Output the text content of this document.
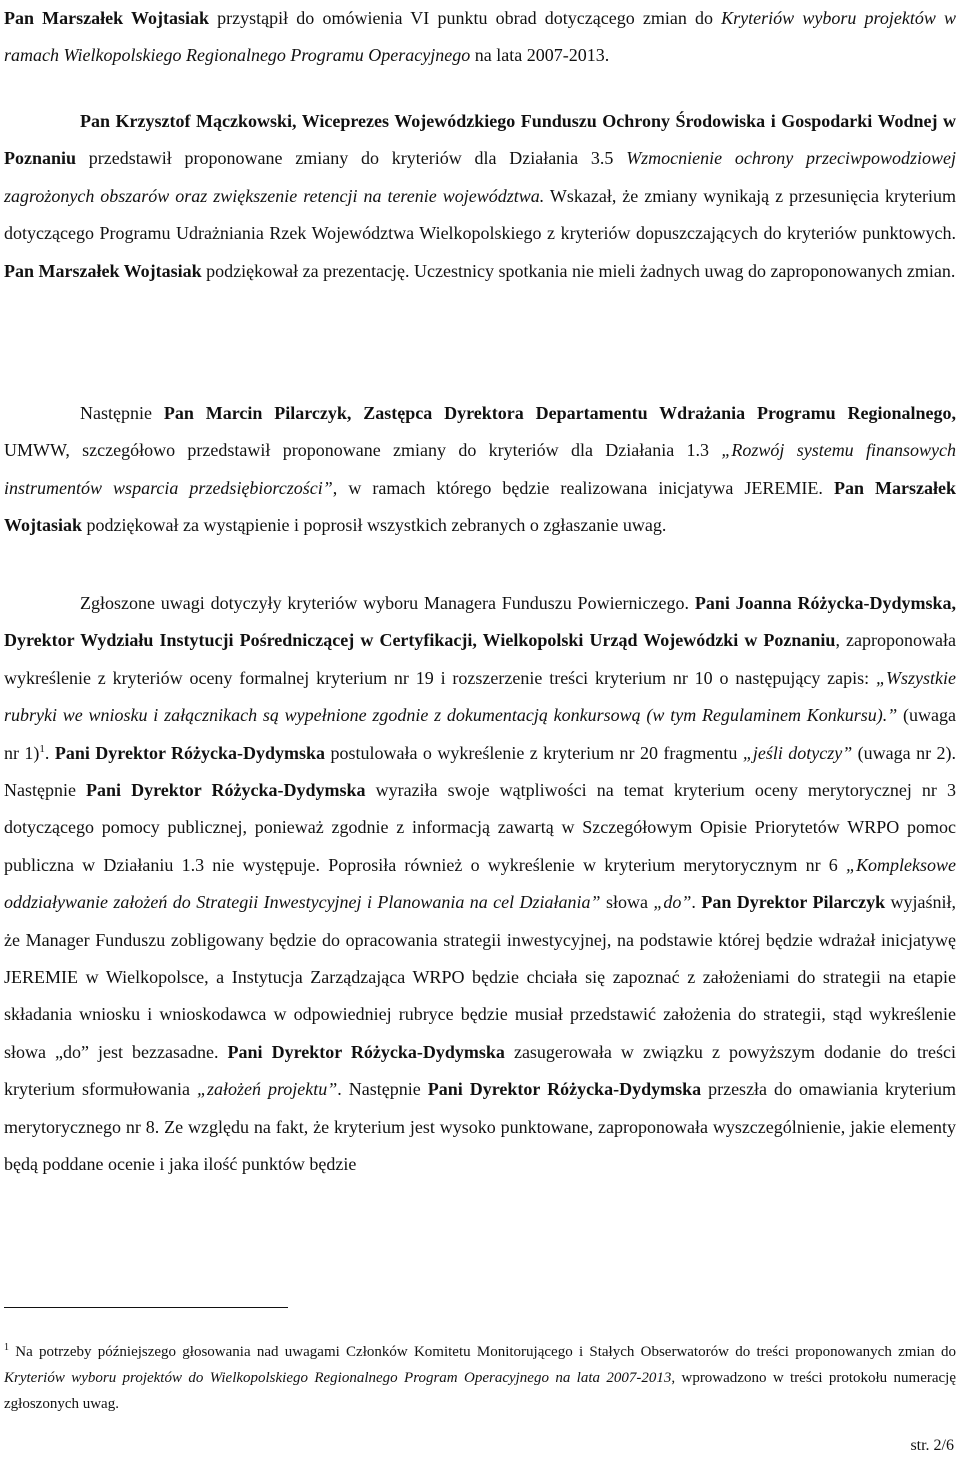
Pan Marszałek Wojtasiak przystąpił do omówienia VI punktu obrad dotyczącego zmian do Kryteriów wyboru projektów w ramach Wielkopolskiego Regionalnego Programu Operacyjnego na lata 2007-2013.

Pan Krzysztof Mączkowski, Wiceprezes Wojewódzkiego Funduszu Ochrony Środowiska i Gospodarki Wodnej w Poznaniu przedstawił proponowane zmiany do kryteriów dla Działania 3.5 Wzmocnienie ochrony przeciwpowodziowej zagrożonych obszarów oraz zwiększenie retencji na terenie województwa. Wskazał, że zmiany wynikają z przesunięcia kryterium dotyczącego Programu Udrażniania Rzek Województwa Wielkopolskiego z kryteriów dopuszczających do kryteriów punktowych. Pan Marszałek Wojtasiak podziękował za prezentację. Uczestnicy spotkania nie mieli żadnych uwag do zaproponowanych zmian.

Następnie Pan Marcin Pilarczyk, Zastępca Dyrektora Departamentu Wdrażania Programu Regionalnego, UMWW, szczegółowo przedstawił proponowane zmiany do kryteriów dla Działania 1.3 „Rozwój systemu finansowych instrumentów wsparcia przedsiębiorczości”, w ramach którego będzie realizowana inicjatywa JEREMIE. Pan Marszałek Wojtasiak podziękował za wystąpienie i poprosił wszystkich zebranych o zgłaszanie uwag.

Zgłoszone uwagi dotyczyły kryteriów wyboru Managera Funduszu Powierniczego. Pani Joanna Różycka-Dydymska, Dyrektor Wydziału Instytucji Pośredniczącej w Certyfikacji, Wielkopolski Urząd Wojewódzki w Poznaniu, zaproponowała wykreślenie z kryteriów oceny formalnej kryterium nr 19 i rozszerzenie treści kryterium nr 10 o następujący zapis: „Wszystkie rubryki we wniosku i załącznikach są wypełnione zgodnie z dokumentacją konkursową (w tym Regulaminem Konkursu).” (uwaga nr 1)$^1$. Pani Dyrektor Różycka-Dydymska postulowała o wykreślenie z kryterium nr 20 fragmentu „jeśli dotyczy” (uwaga nr 2). Następnie Pani Dyrektor Różycka-Dydymska wyraziła swoje wątpliwości na temat kryterium oceny merytorycznej nr 3 dotyczącego pomocy publicznej, ponieważ zgodnie z informacją zawartą w Szczegółowym Opisie Priorytetów WRPO pomoc publiczna w Działaniu 1.3 nie występuje. Poprosiła również o wykreślenie w kryterium merytorycznym nr 6 „Kompleksowe oddziaływanie założeń do Strategii Inwestycyjnej i Planowania na cel Działania” słowa „do”. Pan Dyrektor Pilarczyk wyjaśnił, że Manager Funduszu zobligowany będzie do opracowania strategii inwestycyjnej, na podstawie której będzie wdrażał inicjatywę JEREMIE w Wielkopolsce, a Instytucja Zarządzająca WRPO będzie chciała się zapoznać z założeniami do strategii na etapie składania wniosku i wnioskodawca w odpowiedniej rubryce będzie musiał przedstawić założenia do strategii, stąd wykreślenie słowa „do” jest bezzasadne. Pani Dyrektor Różycka-Dydymska zasugerowała w związku z powyższym dodanie do treści kryterium sformułowania „założeń projektu”. Następnie Pani Dyrektor Różycka-Dydymska przeszła do omawiania kryterium merytorycznego nr 8. Ze względu na fakt, że kryterium jest wysoko punktowane, zaproponowała wyszczególnienie, jakie elementy będą poddane ocenie i jaka ilość punktów będzie

$^1$ Na potrzeby późniejszego głosowania nad uwagami Członków Komitetu Monitorującego i Stałych Obserwatorów do treści proponowanych zmian do Kryteriów wyboru projektów do Wielkopolskiego Regionalnego Program Operacyjnego na lata 2007-2013, wprowadzono w treści protokołu numerację zgłoszonych uwag.

str. 2/6
